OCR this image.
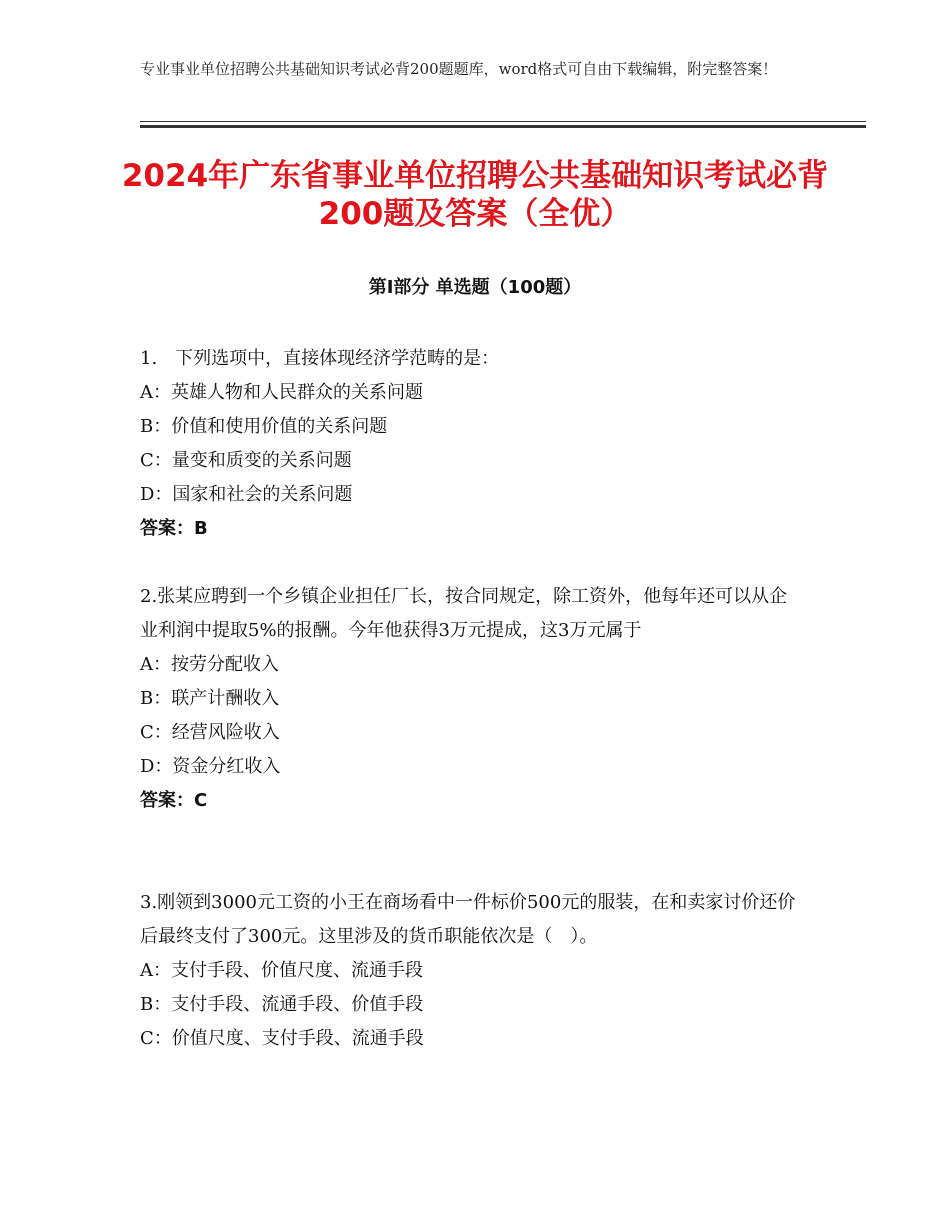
专业事业单位招聘公共基础知识考试必背200题题库，word格式可自由下载编辑，附完整答案！
2024年广东省事业单位招聘公共基础知识考试必背200题及答案（全优）
第I部分 单选题（100题）

1.　下列选项中，直接体现经济学范畴的是：

A：英雄人物和人民群众的关系问题

B：价值和使用价值的关系问题

C：量变和质变的关系问题

D：国家和社会的关系问题

答案：B

2.张某应聘到一个乡镇企业担任厂长，按合同规定，除工资外，他每年还可以从企业利润中提取5%的报酬。今年他获得3万元提成，这3万元属于

A：按劳分配收入

B：联产计酬收入

C：经营风险收入

D：资金分红收入

答案：C

3.刚领到3000元工资的小王在商场看中一件标价500元的服装，在和卖家讨价还价后最终支付了300元。这里涉及的货币职能依次是（　）。

A：支付手段、价值尺度、流通手段

B：支付手段、流通手段、价值手段

C：价值尺度、支付手段、流通手段
